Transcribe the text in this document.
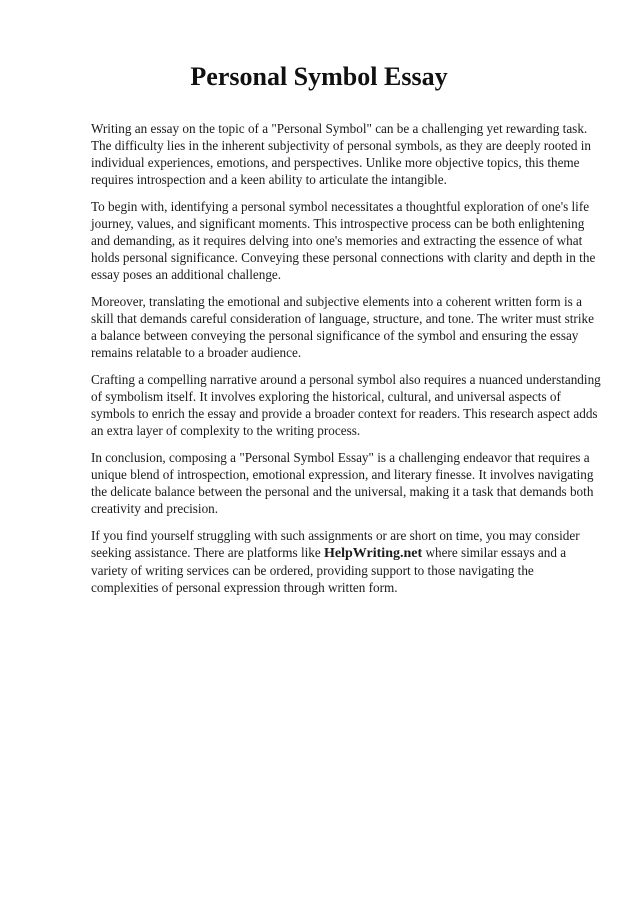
Personal Symbol Essay

Writing an essay on the topic of a "Personal Symbol" can be a challenging yet rewarding task. The difficulty lies in the inherent subjectivity of personal symbols, as they are deeply rooted in individual experiences, emotions, and perspectives. Unlike more objective topics, this theme requires introspection and a keen ability to articulate the intangible.

To begin with, identifying a personal symbol necessitates a thoughtful exploration of one's life journey, values, and significant moments. This introspective process can be both enlightening and demanding, as it requires delving into one's memories and extracting the essence of what holds personal significance. Conveying these personal connections with clarity and depth in the essay poses an additional challenge.

Moreover, translating the emotional and subjective elements into a coherent written form is a skill that demands careful consideration of language, structure, and tone. The writer must strike a balance between conveying the personal significance of the symbol and ensuring the essay remains relatable to a broader audience.

Crafting a compelling narrative around a personal symbol also requires a nuanced understanding of symbolism itself. It involves exploring the historical, cultural, and universal aspects of symbols to enrich the essay and provide a broader context for readers. This research aspect adds an extra layer of complexity to the writing process.

In conclusion, composing a "Personal Symbol Essay" is a challenging endeavor that requires a unique blend of introspection, emotional expression, and literary finesse. It involves navigating the delicate balance between the personal and the universal, making it a task that demands both creativity and precision.

If you find yourself struggling with such assignments or are short on time, you may consider seeking assistance. There are platforms like HelpWriting.net where similar essays and a variety of writing services can be ordered, providing support to those navigating the complexities of personal expression through written form.
